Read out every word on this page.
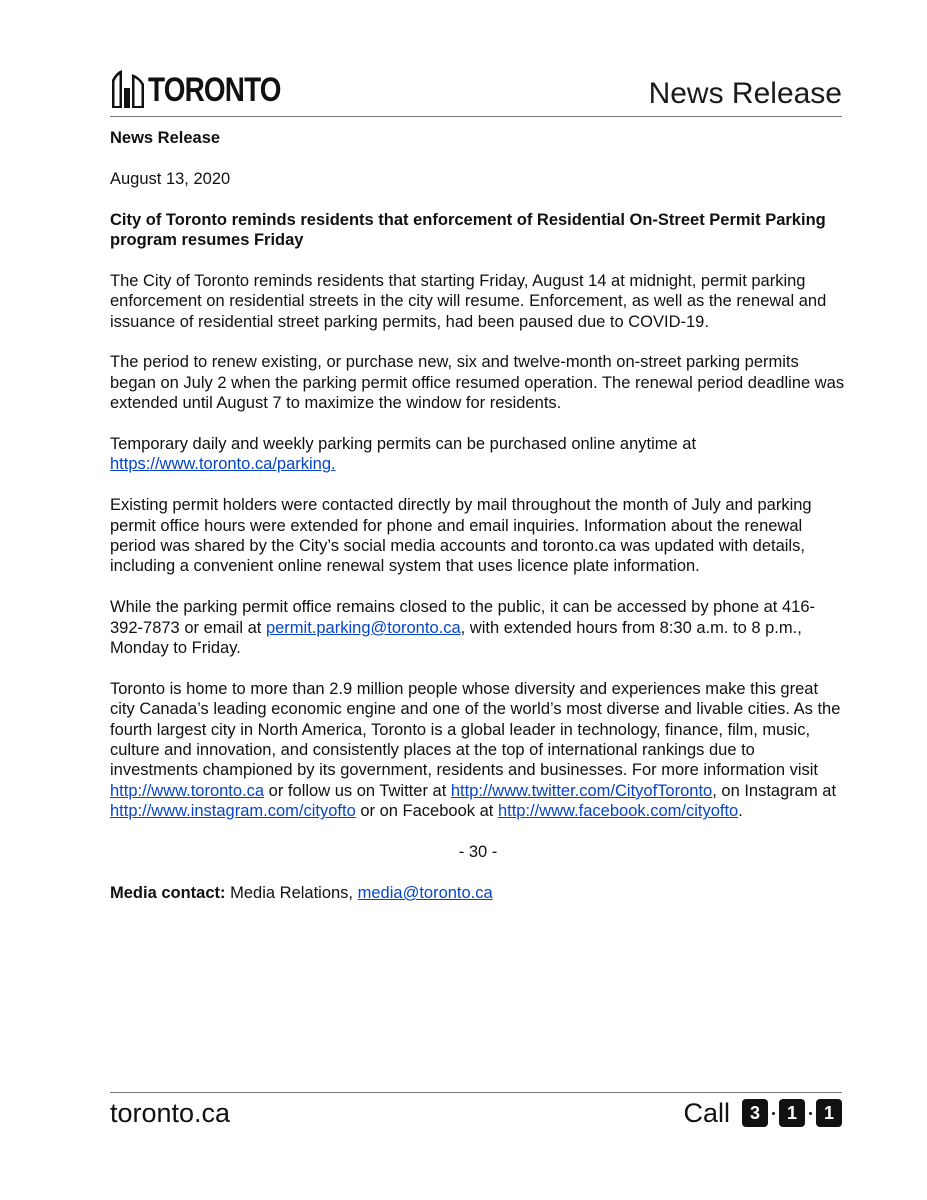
TORONTO	News Release

News Release

August 13, 2020

City of Toronto reminds residents that enforcement of Residential On-Street Permit Parking program resumes Friday

The City of Toronto reminds residents that starting Friday, August 14 at midnight, permit parking enforcement on residential streets in the city will resume. Enforcement, as well as the renewal and issuance of residential street parking permits, had been paused due to COVID-19.

The period to renew existing, or purchase new, six and twelve-month on-street parking permits began on July 2 when the parking permit office resumed operation. The renewal period deadline was extended until August 7 to maximize the window for residents.

Temporary daily and weekly parking permits can be purchased online anytime at
https://www.toronto.ca/parking.

Existing permit holders were contacted directly by mail throughout the month of July and parking permit office hours were extended for phone and email inquiries. Information about the renewal period was shared by the City’s social media accounts and toronto.ca was updated with details, including a convenient online renewal system that uses licence plate information.

While the parking permit office remains closed to the public, it can be accessed by phone at 416-392-7873 or email at permit.parking@toronto.ca, with extended hours from 8:30 a.m. to 8 p.m., Monday to Friday.

Toronto is home to more than 2.9 million people whose diversity and experiences make this great city Canada’s leading economic engine and one of the world’s most diverse and livable cities. As the fourth largest city in North America, Toronto is a global leader in technology, finance, film, music, culture and innovation, and consistently places at the top of international rankings due to investments championed by its government, residents and businesses. For more information visit http://www.toronto.ca or follow us on Twitter at http://www.twitter.com/CityofToronto, on Instagram at http://www.instagram.com/cityofto or on Facebook at http://www.facebook.com/cityofto.

- 30 -

Media contact: Media Relations, media@toronto.ca

toronto.ca	Call	3	1	1
